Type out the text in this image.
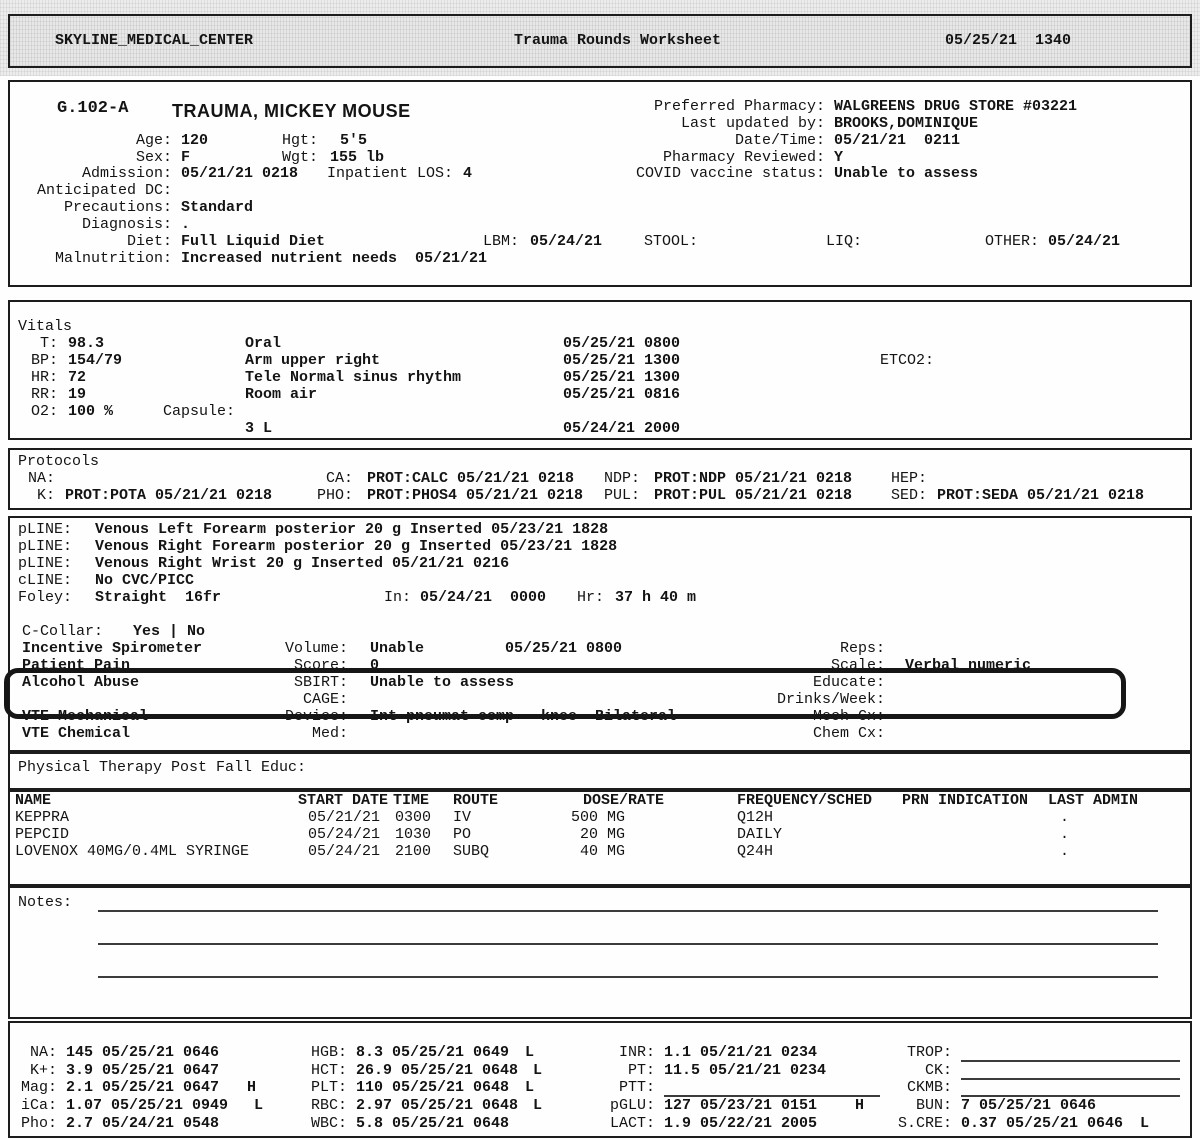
SKYLINE_MEDICAL_CENTER	Trauma Rounds Worksheet	05/25/21  1340
G.102-A TRAUMA, MICKEY MOUSE
Age: 120	Hgt: 5'5
Sex: F	Wgt: 155 lb
Admission: 05/21/21 0218 Inpatient LOS: 4
Anticipated DC:
Precautions: Standard
Diagnosis: .
Diet: Full Liquid Diet	LBM: 05/24/21	STOOL:	LIQ:	OTHER: 05/24/21
Malnutrition: Increased nutrient needs  05/21/21
Preferred Pharmacy: WALGREENS DRUG STORE #03221
Last updated by: BROOKS,DOMINIQUE
Date/Time: 05/21/21  0211
Pharmacy Reviewed: Y
COVID vaccine status: Unable to assess
Vitals
T: 98.3	Oral	05/25/21 0800
BP: 154/79	Arm upper right	05/25/21 1300	ETCO2:
HR: 72	Tele Normal sinus rhythm	05/25/21 1300
RR: 19	Room air	05/25/21 0816
O2: 100 %	Capsule:
3 L	05/24/21 2000
Protocols
NA:	CA: PROT:CALC 05/21/21 0218 NDP: PROT:NDP 05/21/21 0218	HEP:
K: PROT:POTA 05/21/21 0218	PHO: PROT:PHOS4 05/21/21 0218 PUL: PROT:PUL 05/21/21 0218	SED: PROT:SEDA 05/21/21 0218
pLINE: Venous Left Forearm posterior 20 g Inserted 05/23/21 1828
pLINE: Venous Right Forearm posterior 20 g Inserted 05/23/21 1828
pLINE: Venous Right Wrist 20 g Inserted 05/21/21 0216
cLINE: No CVC/PICC
Foley: Straight  16fr	In: 05/24/21  0000 Hr: 37 h 40 m
C-Collar: Yes | No
Incentive Spirometer	Volume: Unable	05/25/21 0800	Reps:
Patient Pain	Score: 0	Scale: Verbal numeric
Alcohol Abuse	SBIRT: Unable to assess	Educate:
CAGE:	Drinks/Week:
VTE Mechanical	Device: Int pneumat comp - knee  Bilateral	Mech Cx:
VTE Chemical	Med:	Chem Cx:
Physical Therapy Post Fall Educ:
NAME	START DATE TIME ROUTE	DOSE/RATE	FREQUENCY/SCHED PRN INDICATION LAST ADMIN
KEPPRA	05/21/21 0300 IV	500 MG	Q12H	.
PEPCID	05/24/21 1030 PO	20 MG	DAILY	.
LOVENOX 40MG/0.4ML SYRINGE	05/24/21 2100 SUBQ	40 MG	Q24H	.
Notes:
NA: 145 05/25/21 0646
K+: 3.9 05/25/21 0647
Mag: 2.1 05/25/21 0647 H
iCa: 1.07 05/25/21 0949 L
Pho: 2.7 05/24/21 0548
HGB: 8.3 05/25/21 0649 L
HCT: 26.9 05/25/21 0648 L
PLT: 110 05/25/21 0648 L
RBC: 2.97 05/25/21 0648 L
WBC: 5.8 05/25/21 0648
INR: 1.1 05/21/21 0234
PT: 11.5 05/21/21 0234
PTT:
pGLU: 127 05/23/21 0151	H
LACT: 1.9 05/22/21 2005
TROP:
CK:
CKMB:
BUN: 7 05/25/21 0646
S.CRE: 0.37 05/25/21 0646 L
